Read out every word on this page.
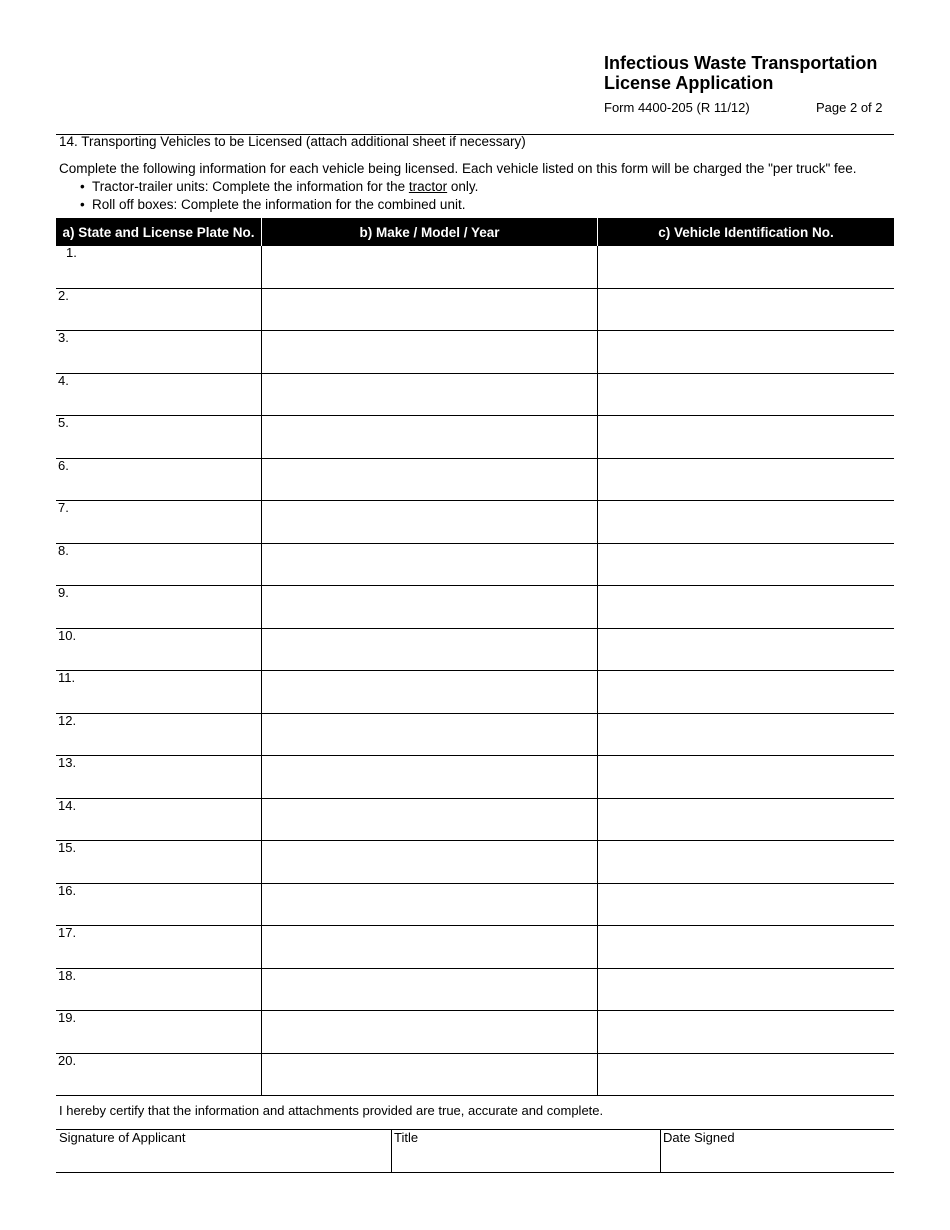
Infectious Waste Transportation
License Application
Form 4400-205 (R 11/12)	Page 2 of 2
14. Transporting Vehicles to be Licensed (attach additional sheet if necessary)
Complete the following information for each vehicle being licensed. Each vehicle listed on this form will be charged the "per truck" fee.
• Tractor-trailer units: Complete the information for the tractor only.
• Roll off boxes: Complete the information for the combined unit.
a) State and License Plate No.	b) Make / Model / Year	c) Vehicle Identification No.
1.
2.
3.
4.
5.
6.
7.
8.
9.
10.
11.
12.
13.
14.
15.
16.
17.
18.
19.
20.
I hereby certify that the information and attachments provided are true, accurate and complete.
Signature of Applicant	Title	Date Signed
